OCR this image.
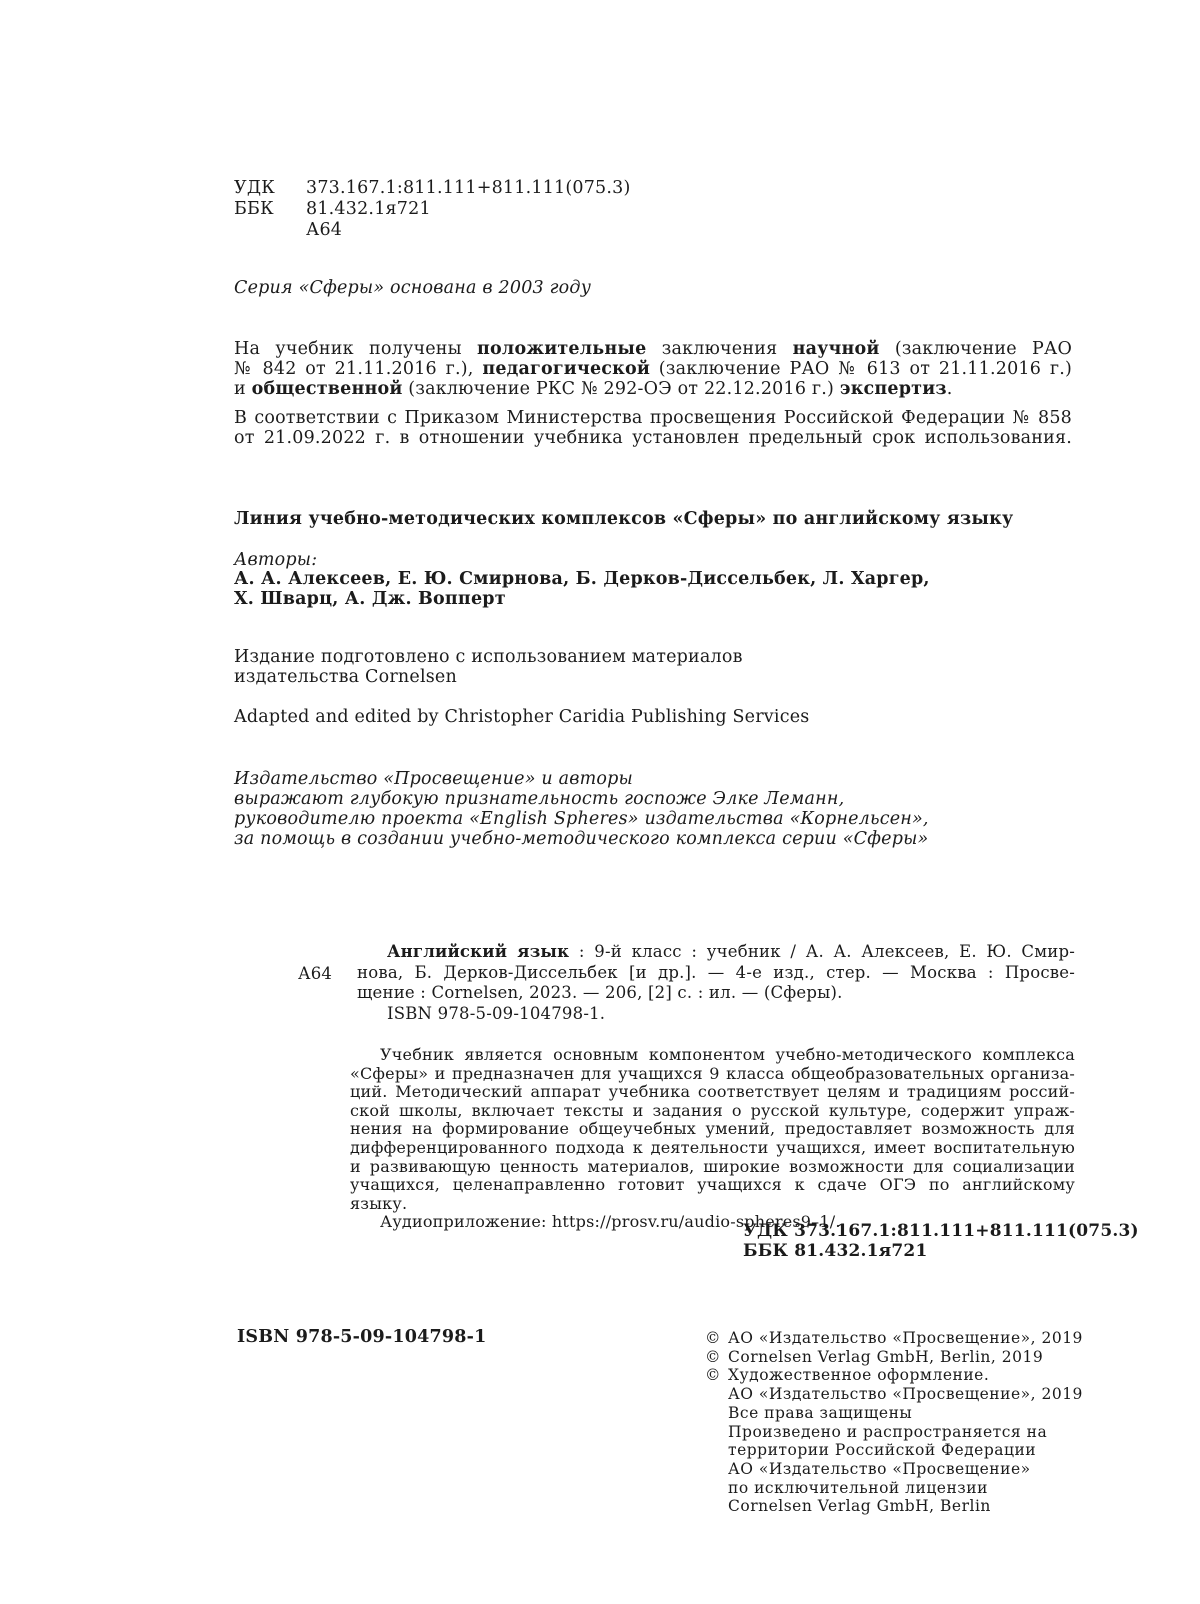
УДК	373.167.1:811.111+811.111(075.3)
ББК	81.432.1я721
А64
Серия «Сферы» основана в 2003 году
На учебник получены положительные заключения научной (заключение РАО
№ 842 от 21.11.2016 г.), педагогической (заключение РАО № 613 от 21.11.2016 г.)
и общественной (заключение РКС № 292-ОЭ от 22.12.2016 г.) экспертиз.
В соответствии с Приказом Министерства просвещения Российской Федерации № 858
от 21.09.2022 г. в отношении учебника установлен предельный срок использования.
Линия учебно-методических комплексов «Сферы» по английскому языку
Авторы:
А. А. Алексеев, Е. Ю. Смирнова, Б. Дерков-Диссельбек, Л. Харгер,
Х. Шварц, А. Дж. Вопперт
Издание подготовлено с использованием материалов
издательства Cornelsen
Adapted and edited by Christopher Caridia Publishing Services
Издательство «Просвещение» и авторы
выражают глубокую признательность госпоже Элке Леманн,
руководителю проекта «English Spheres» издательства «Корнельсен»,
за помощь в создании учебно-методического комплекса серии «Сферы»
А64
Английский язык : 9-й класс : учебник / А. А. Алексеев, Е. Ю. Смир-
нова, Б. Дерков-Диссельбек [и др.]. — 4-е изд., стер. — Москва : Просве-
щение : Cornelsen, 2023. — 206, [2] с. : ил. — (Сферы).
ISBN 978-5-09-104798-1.
Учебник является основным компонентом учебно-методического комплекса
«Сферы» и предназначен для учащихся 9 класса общеобразовательных организа-
ций. Методический аппарат учебника соответствует целям и традициям россий-
ской школы, включает тексты и задания о русской культуре, содержит упраж-
нения на формирование общеучебных умений, предоставляет возможность для
дифференцированного подхода к деятельности учащихся, имеет воспитательную
и развивающую ценность материалов, широкие возможности для социализации
учащихся, целенаправленно готовит учащихся к сдаче ОГЭ по английскому языку.
Аудиоприложение: https://prosv.ru/audio-spheres9–1/.
УДК 373.167.1:811.111+811.111(075.3)
ББК 81.432.1я721
ISBN 978-5-09-104798-1	© АО «Издательство «Просвещение», 2019
© Cornelsen Verlag GmbH, Berlin, 2019
© Художественное оформление.
АО «Издательство «Просвещение», 2019
Все права защищены
Произведено и распространяется на
территории Российской Федерации
АО «Издательство «Просвещение»
по исключительной лицензии
Cornelsen Verlag GmbH, Berlin
